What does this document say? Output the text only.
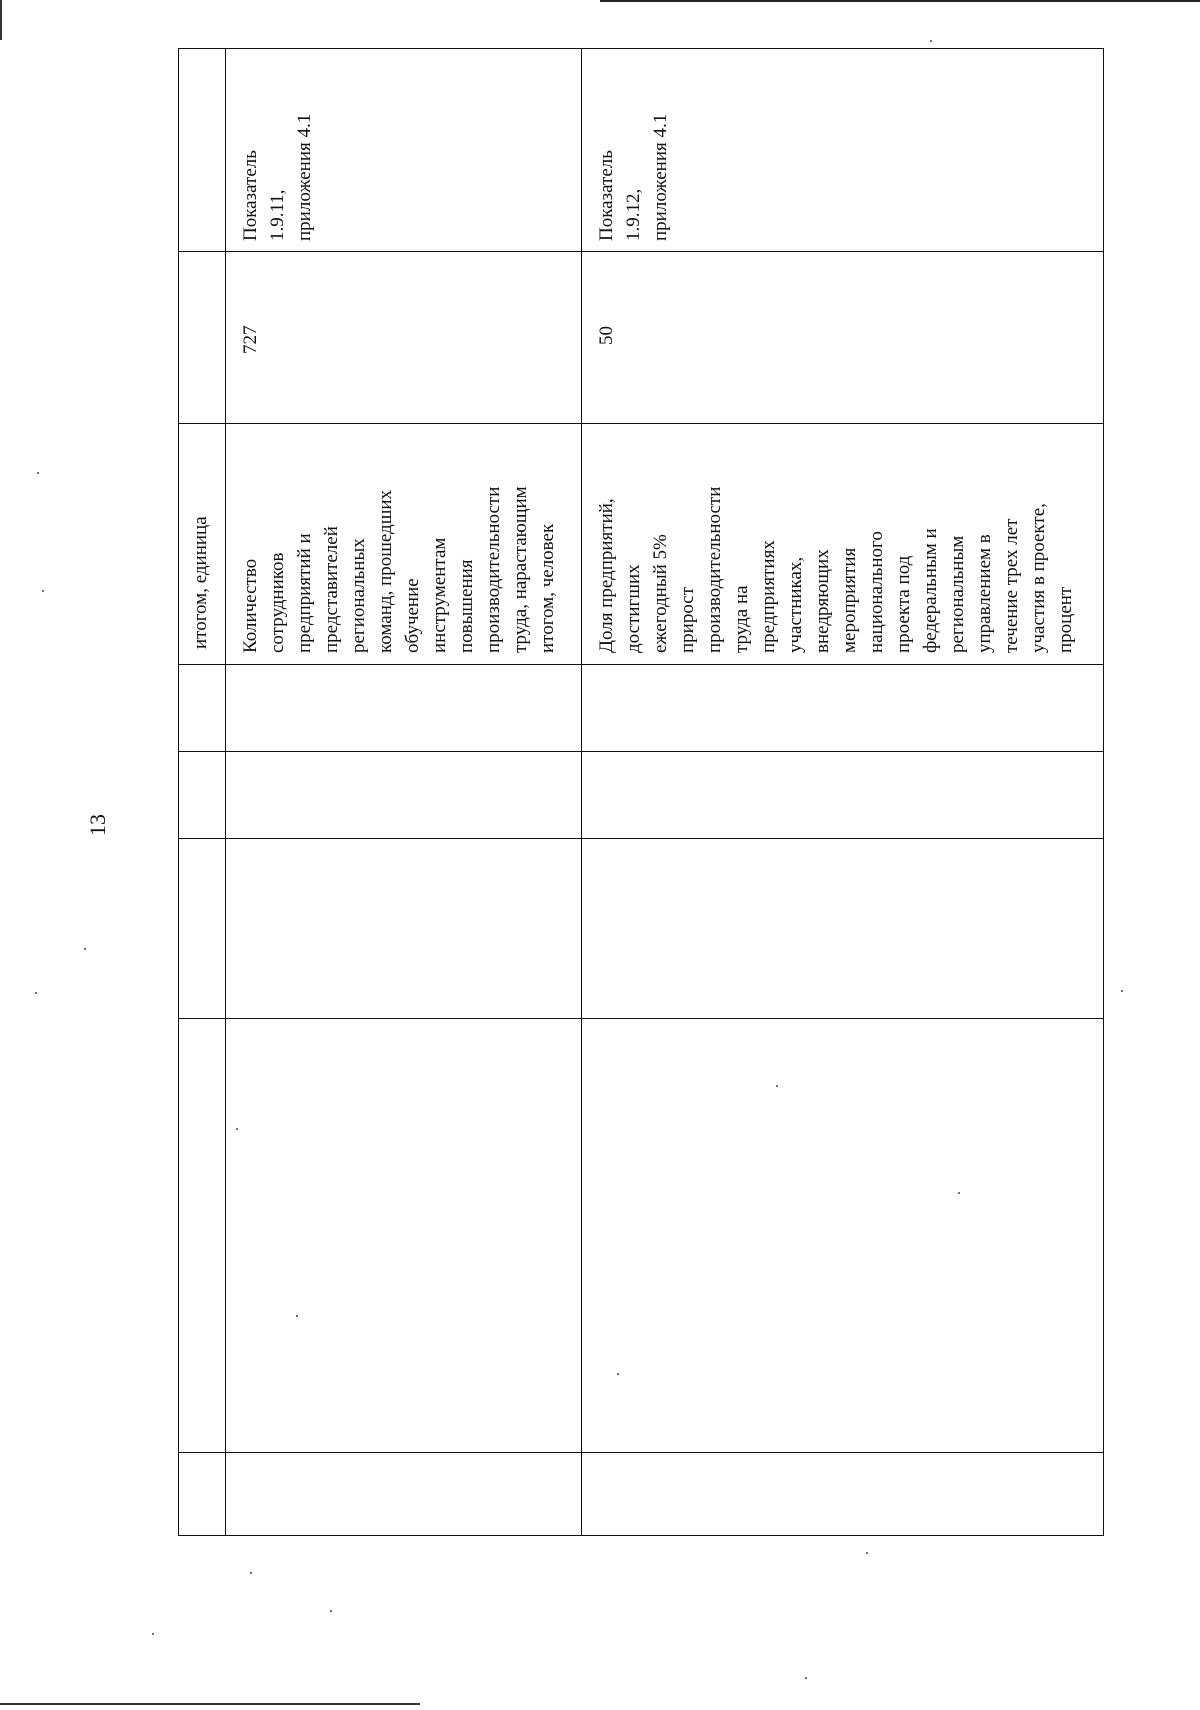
13
итогом, единица Количество сотрудников предприятий и представителей региональных команд, прошедших обучение инструментам повышения производительности труда, нарастающим итогом, человек
727
Показатель 1.9.11, приложения 4.1
Доля предприятий, достигших ежегодный 5% прирост производительности труда на предприятиях участниках, внедряющих мероприятия национального проекта под федеральным и региональным управлением в течение трех лет участия в проекте, процент
50
Показатель 1.9.12, приложения 4.1
